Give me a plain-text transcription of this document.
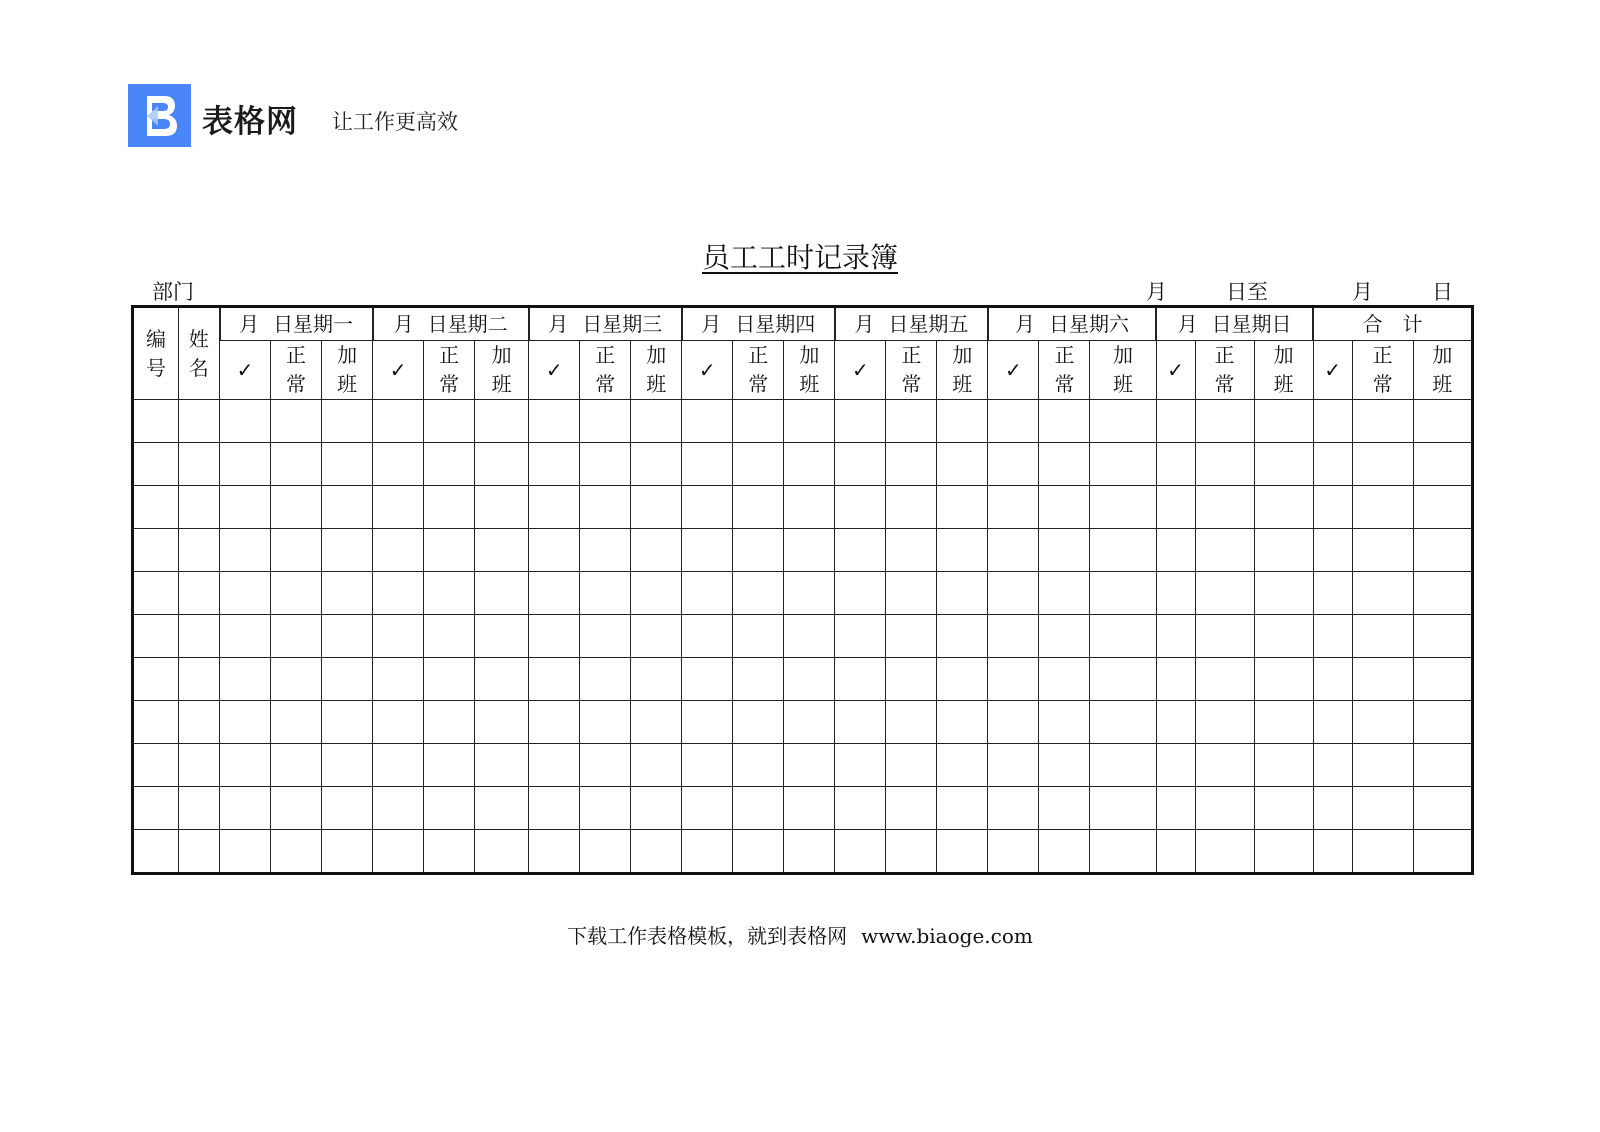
表格网 让工作更高效
员工工时记录簿
部门	月	日至	月	日
编号	姓名	月 日星期一			月 日星期二			月 日星期三			月 日星期四			月 日星期五			月 日星期六			月 日星期日			合　计		
		✓	正常	加班	✓	正常	加班	✓	正常	加班	✓	正常	加班	✓	正常	加班	✓	正常	加班	✓	正常	加班	✓	正常	加班

下载工作表格模板，就到表格网 www.biaoge.com
